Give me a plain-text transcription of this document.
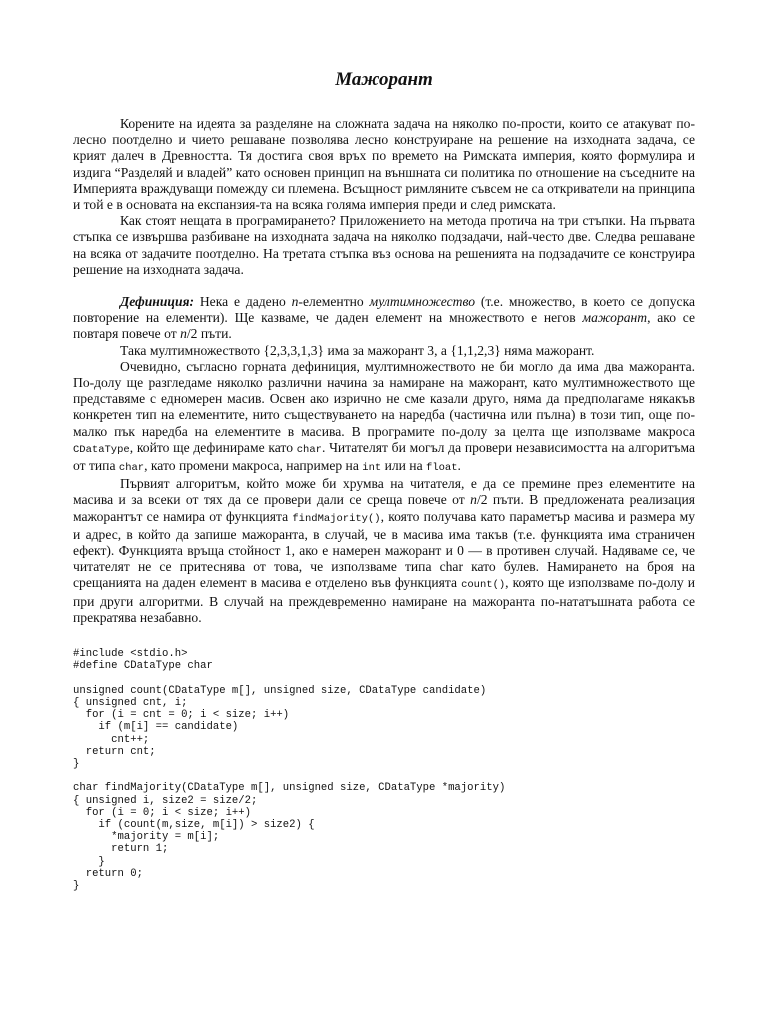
Мажорант

Корените на идеята за разделяне на сложната задача на няколко по-прости, които се атакуват по-лесно поотделно и чието решаване позволява лесно конструиране на решение на изходната задача, се крият далеч в Древността. Тя достига своя връх по времето на Римската империя, която формулира и издига “Разделяй и владей” като основен принцип на външната си политика по отношение на съседните на Империята враждуващи помежду си племена. Всъщност римляните съвсем не са откриватели на принципа и той е в основата на експанзия-та на всяка голяма империя преди и след римската.

Как стоят нещата в програмирането? Приложението на метода протича на три стъпки. На първата стъпка се извършва разбиване на изходната задача на няколко подзадачи, най-често две. Следва решаване на всяка от задачите поотделно. На третата стъпка въз основа на решенията на подзадачите се конструира решение на изходната задача.

Дефиниция: Нека е дадено n-елементно мултимножество (т.е. множество, в което се допуска повторение на елементи). Ще казваме, че даден елемент на множеството е негов мажорант, ако се повтаря повече от n/2 пъти.

Така мултимножеството {2,3,3,1,3} има за мажорант 3, а {1,1,2,3} няма мажорант.

Очевидно, съгласно горната дефиниция, мултимножеството не би могло да има два мажоранта. По-долу ще разгледаме няколко различни начина за намиране на мажорант, като мултимножеството ще представяме с едномерен масив. Освен ако изрично не сме казали друго, няма да предполагаме някакъв конкретен тип на елементите, нито съществуването на наредба (частична или пълна) в този тип, още по-малко пък наредба на елементите в масива. В програмите по-долу за целта ще използваме макроса CDataType, който ще дефинираме като char. Читателят би могъл да провери независимостта на алгоритъма от типа char, като промени макроса, например на int или на float.

Първият алгоритъм, който може би хрумва на читателя, е да се премине през елементите на масива и за всеки от тях да се провери дали се среща повече от n/2 пъти. В предложената реализация мажорантът се намира от функцията findMajority(), която получава като параметър масива и размера му и адрес, в който да запише мажоранта, в случай, че в масива има такъв (т.е. функцията има страничен ефект). Функцията връща стойност 1, ако е намерен мажорант и 0 — в противен случай. Надяваме се, че читателят не се притеснява от това, че използваме типа char като булев. Намирането на броя на срещанията на даден елемент в масива е отделено във функцията count(), която ще използваме по-долу и при други алгоритми. В случай на преждевременно намиране на мажоранта по-нататъшната работа се прекратява незабавно.

#include <stdio.h>
#define CDataType char

unsigned count(CDataType m[], unsigned size, CDataType candidate)
{ unsigned cnt, i;
for (i = cnt = 0; i < size; i++)
if (m[i] == candidate)
cnt++;
return cnt;
}

char findMajority(CDataType m[], unsigned size, CDataType *majority)
{ unsigned i, size2 = size/2;
for (i = 0; i < size; i++)
if (count(m,size, m[i]) > size2) {
*majority = m[i];
return 1;
}
return 0;
}
